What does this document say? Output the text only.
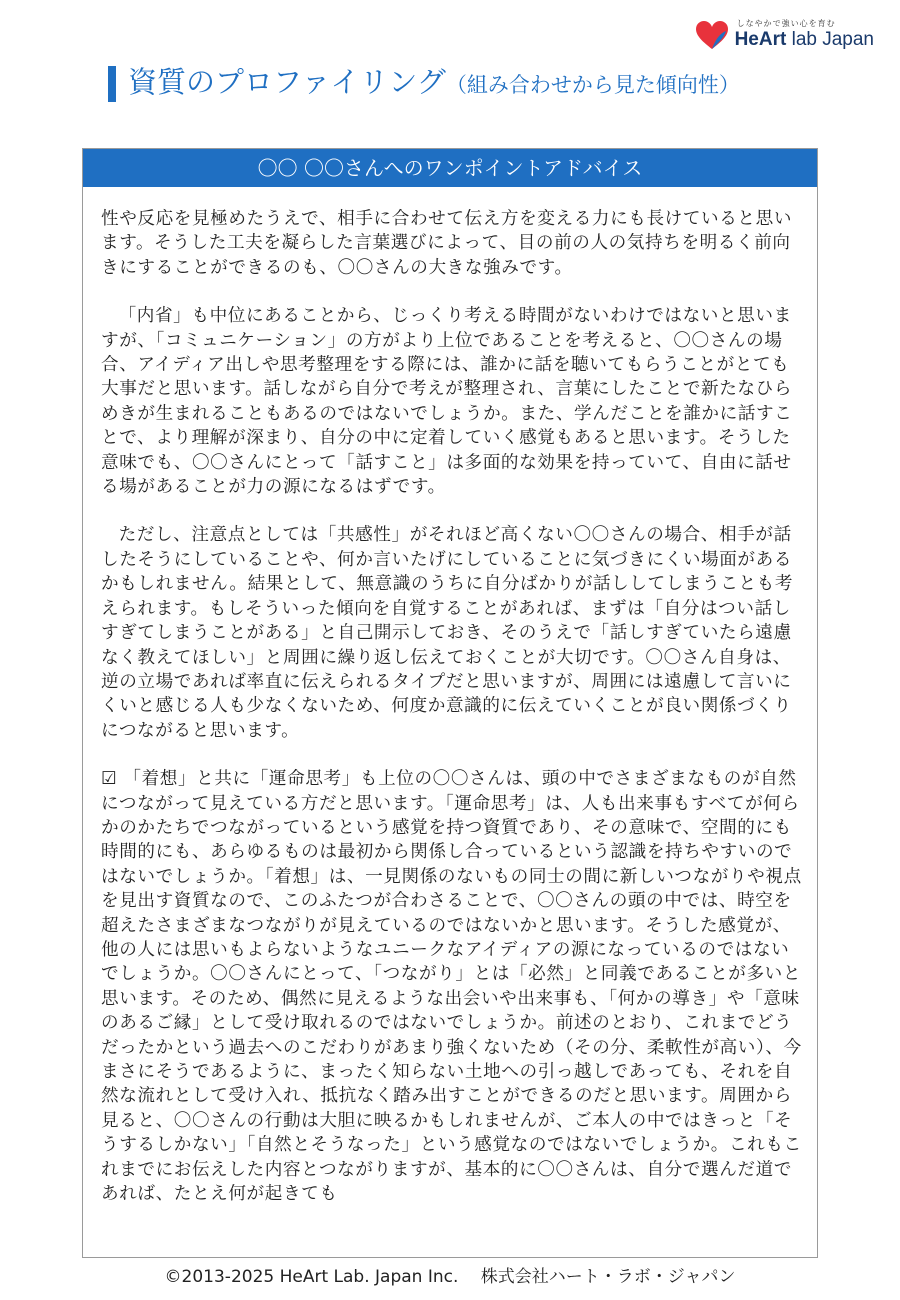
しなやかで強い心を育む
HeArt lab Japan
資質のプロファイリング（組み合わせから見た傾向性）
〇〇 〇〇さんへのワンポイントアドバイス

性や反応を見極めたうえで、相手に合わせて伝え方を変える力にも長けていると思います。そうした工夫を凝らした言葉選びによって、目の前の人の気持ちを明るく前向きにすることができるのも、〇〇さんの大きな強みです。

「内省」も中位にあることから、じっくり考える時間がないわけではないと思いますが、「コミュニケーション」の方がより上位であることを考えると、〇〇さんの場合、アイディア出しや思考整理をする際には、誰かに話を聴いてもらうことがとても大事だと思います。話しながら自分で考えが整理され、言葉にしたことで新たなひらめきが生まれることもあるのではないでしょうか。また、学んだことを誰かに話すことで、より理解が深まり、自分の中に定着していく感覚もあると思います。そうした意味でも、〇〇さんにとって「話すこと」は多面的な効果を持っていて、自由に話せる場があることが力の源になるはずです。

ただし、注意点としては「共感性」がそれほど高くない〇〇さんの場合、相手が話したそうにしていることや、何か言いたげにしていることに気づきにくい場面があるかもしれません。結果として、無意識のうちに自分ばかりが話ししてしまうことも考えられます。もしそういった傾向を自覚することがあれば、まずは「自分はつい話しすぎてしまうことがある」と自己開示しておき、そのうえで「話しすぎていたら遠慮なく教えてほしい」と周囲に繰り返し伝えておくことが大切です。〇〇さん自身は、逆の立場であれば率直に伝えられるタイプだと思いますが、周囲には遠慮して言いにくいと感じる人も少なくないため、何度か意識的に伝えていくことが良い関係づくりにつながると思います。

☑ 「着想」と共に「運命思考」も上位の〇〇さんは、頭の中でさまざまなものが自然につながって見えている方だと思います。「運命思考」は、人も出来事もすべてが何らかのかたちでつながっているという感覚を持つ資質であり、その意味で、空間的にも時間的にも、あらゆるものは最初から関係し合っているという認識を持ちやすいのではないでしょうか。「着想」は、一見関係のないもの同士の間に新しいつながりや視点を見出す資質なので、このふたつが合わさることで、〇〇さんの頭の中では、時空を超えたさまざまなつながりが見えているのではないかと思います。そうした感覚が、他の人には思いもよらないようなユニークなアイディアの源になっているのではないでしょうか。〇〇さんにとって、「つながり」とは「必然」と同義であることが多いと思います。そのため、偶然に見えるような出会いや出来事も、「何かの導き」や「意味のあるご縁」として受け取れるのではないでしょうか。前述のとおり、これまでどうだったかという過去へのこだわりがあまり強くないため（その分、柔軟性が高い）、今まさにそうであるように、まったく知らない土地への引っ越しであっても、それを自然な流れとして受け入れ、抵抗なく踏み出すことができるのだと思います。周囲から見ると、〇〇さんの行動は大胆に映るかもしれませんが、ご本人の中ではきっと「そうするしかない」「自然とそうなった」という感覚なのではないでしょうか。これもこれまでにお伝えした内容とつながりますが、基本的に〇〇さんは、自分で選んだ道であれば、たとえ何が起きても

©2013-2025 HeArt Lab. Japan Inc.　 株式会社ハート・ラボ・ジャパン
